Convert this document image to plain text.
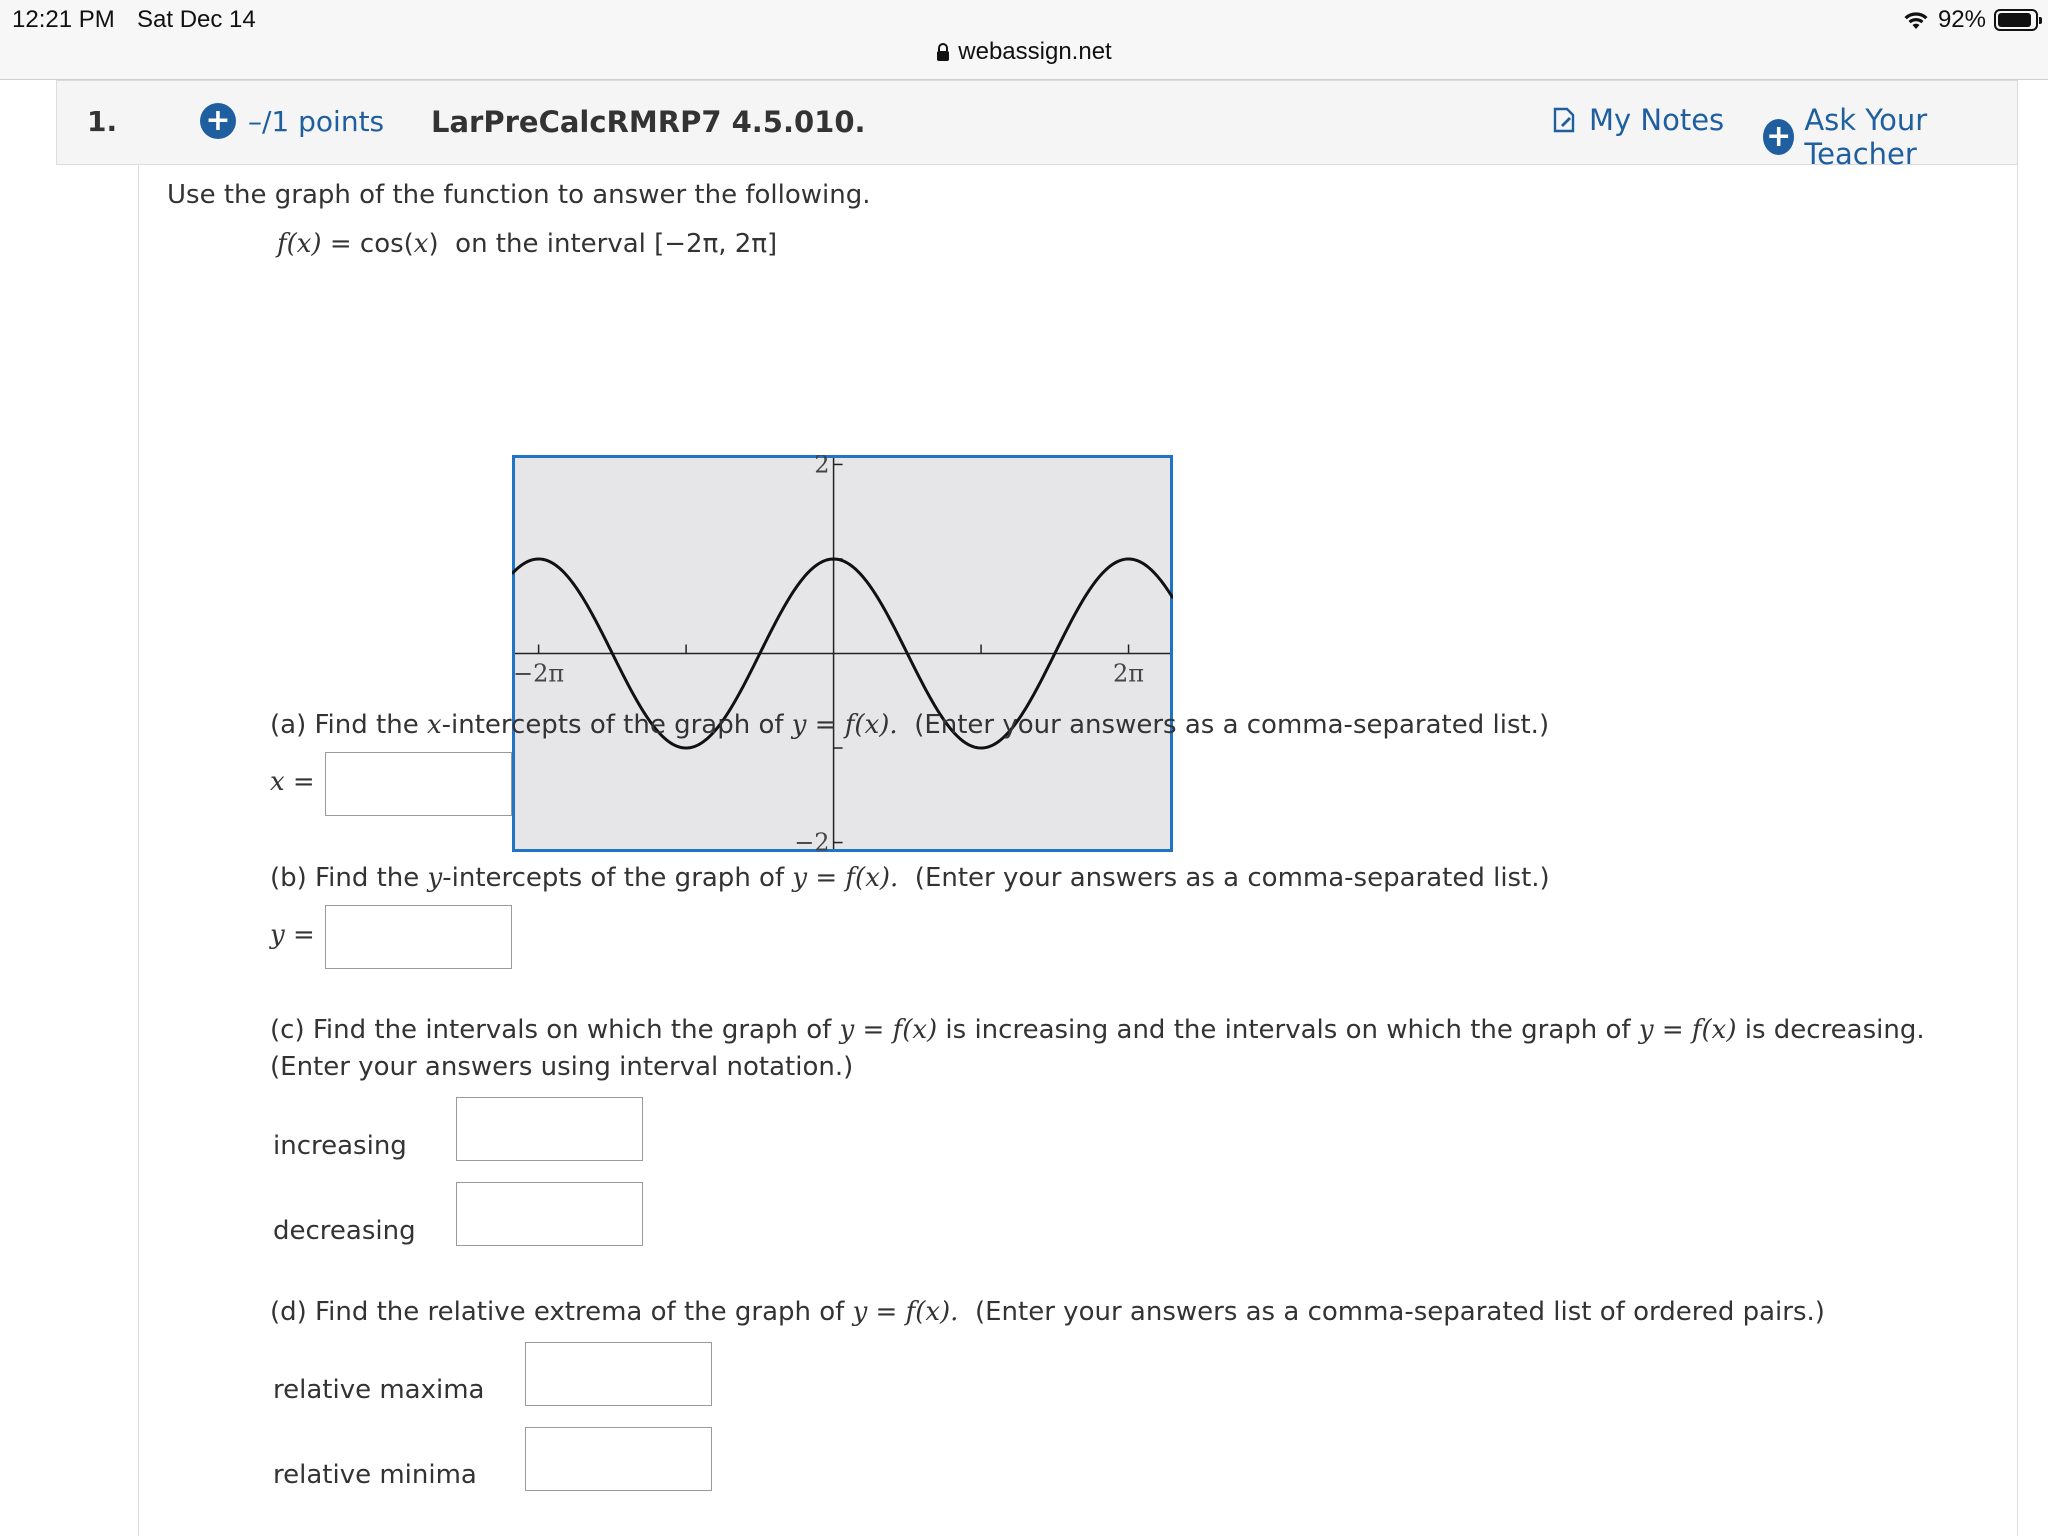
12:21 PM Sat Dec 14	92%
webassign.net
1.	+ –/1 points LarPreCalcRMRP7 4.5.010.	My Notes + Ask Your Teacher
Use the graph of the function to answer the following.
f(x) = cos(x) on the interval [−2π, 2π]
−2π	2π
2
−2
(a) Find the x-intercepts of the graph of y = f(x). (Enter your answers as a comma-separated list.)
x =
(b) Find the y-intercepts of the graph of y = f(x). (Enter your answers as a comma-separated list.)
y =
(c) Find the intervals on which the graph of y = f(x) is increasing and the intervals on which the graph of y = f(x) is decreasing.
(Enter your answers using interval notation.)
increasing
decreasing
(d) Find the relative extrema of the graph of y = f(x). (Enter your answers as a comma-separated list of ordered pairs.)
relative maxima
relative minima
